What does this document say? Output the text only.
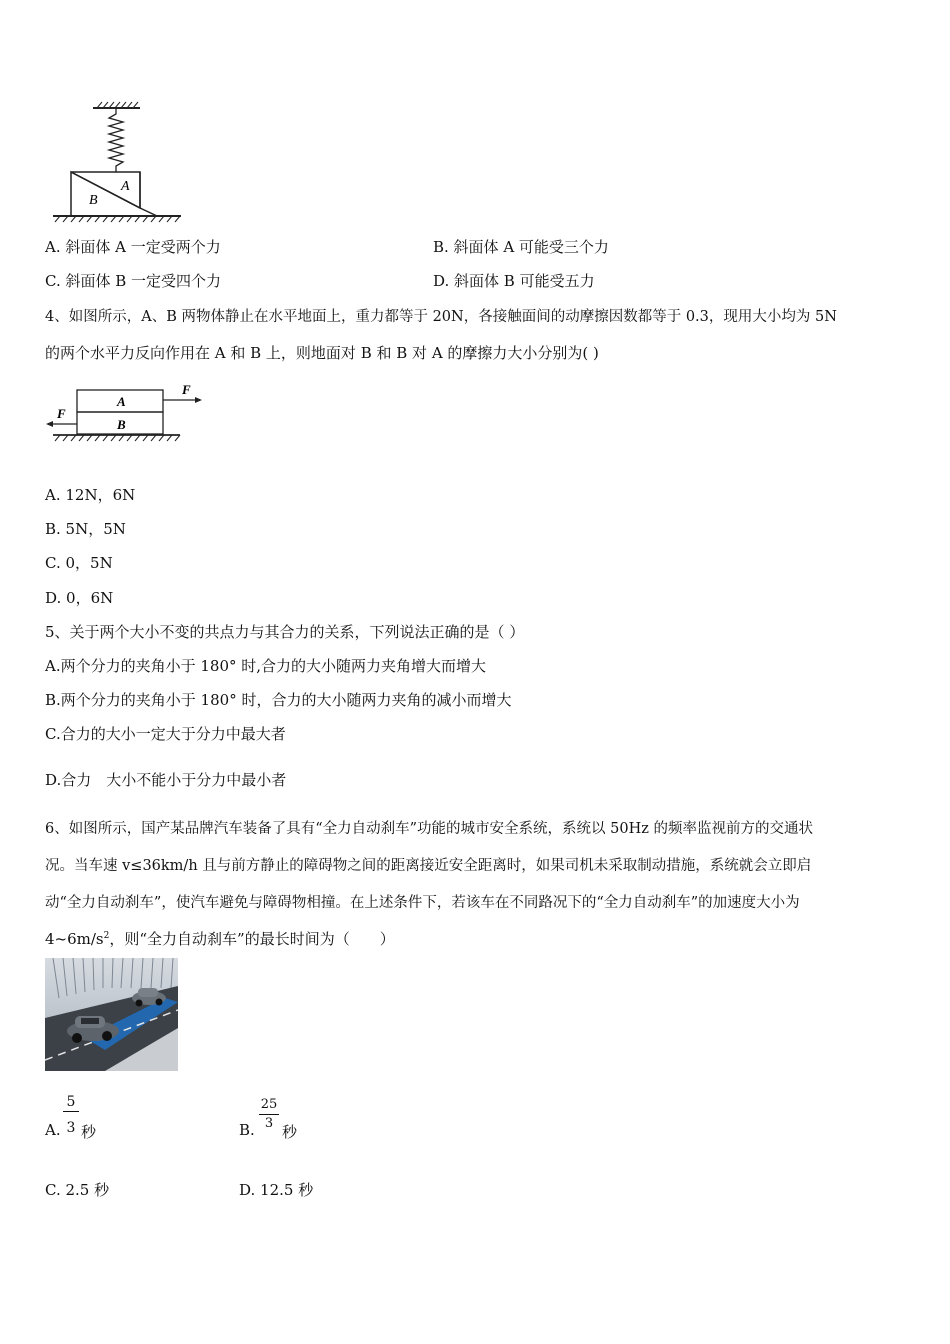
A
B
A. 斜面体 A 一定受两个力	B. 斜面体 A 可能受三个力
C. 斜面体 B 一定受四个力	D. 斜面体 B 可能受五力
4、如图所示，A、B 两物体静止在水平地面上，重力都等于 20N，各接触面间的动摩擦因数都等于 0.3，现用大小均为 5N
的两个水平力反向作用在 A 和 B 上，则地面对 B 和 B 对 A 的摩擦力大小分别为( )
A
B
F
F
A. 12N，6N
B. 5N，5N
C. 0，5N
D. 0，6N
5、关于两个大小不变的共点力与其合力的关系，下列说法正确的是（ ）
A.两个分力的夹角小于 180° 时,合力的大小随两力夹角增大而增大
B.两个分力的夹角小于 180° 时，合力的大小随两力夹角的减小而增大
C.合力的大小一定大于分力中最大者
D.合力　大小不能小于分力中最小者
6、如图所示，国产某品牌汽车装备了具有“全力自动刹车”功能的城市安全系统，系统以 50Hz 的频率监视前方的交通状
况。当车速 v≤36km/h 且与前方静止的障碍物之间的距离接近安全距离时，如果司机未采取制动措施，系统就会立即启
动“全力自动刹车”，使汽车避免与障碍物相撞。在上述条件下，若该车在不同路况下的“全力自动刹车”的加速度大小为
$4\sim 6m/s^2$，则“全力自动刹车”的最长时间为（　　）
A.
5
3 秒	B.
25
3 秒
C. 2.5 秒	D. 12.5 秒
